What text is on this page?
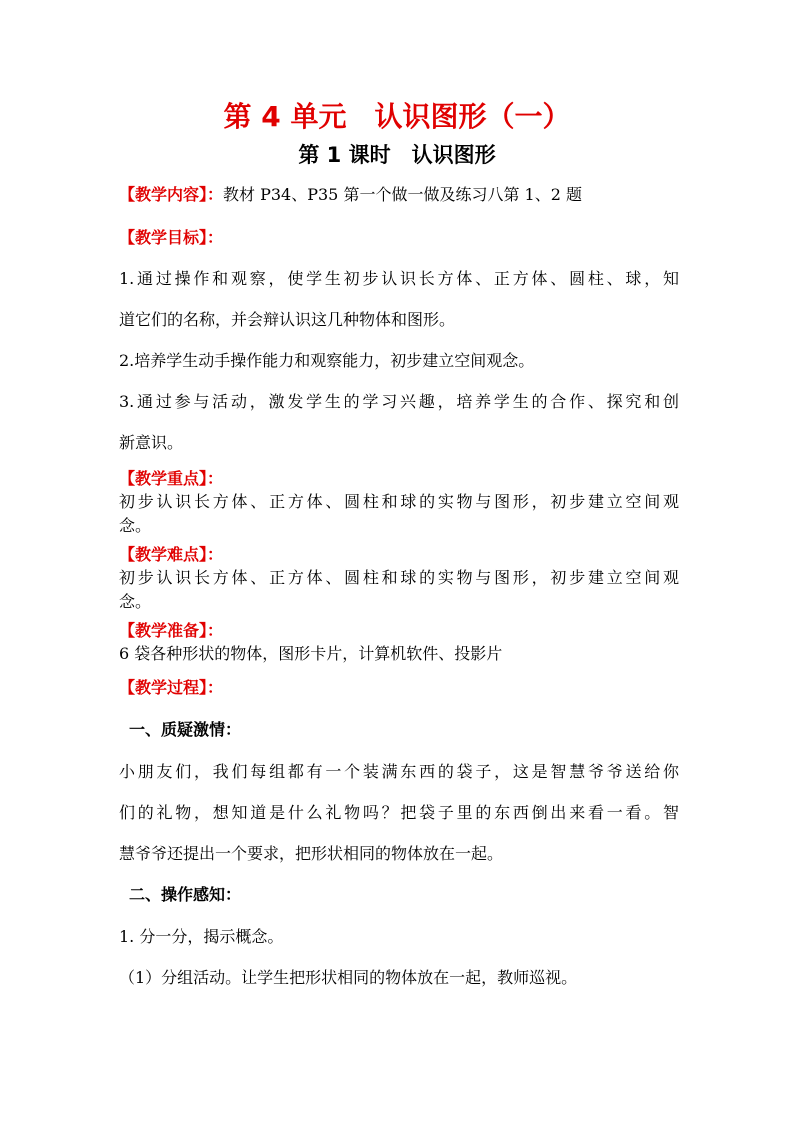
第 4 单元　认识图形（一）
第 1 课时　认识图形
【教学内容】：教材 P34、P35 第一个做一做及练习八第 1、2 题
【教学目标】：
1.通过操作和观察，使学生初步认识长方体、正方体、圆柱、球，知
道它们的名称，并会辩认识这几种物体和图形。
2.培养学生动手操作能力和观察能力，初步建立空间观念。
3.通过参与活动，激发学生的学习兴趣，培养学生的合作、探究和创
新意识。
【教学重点】：
初步认识长方体、正方体、圆柱和球的实物与图形，初步建立空间观
念。
【教学难点】：
初步认识长方体、正方体、圆柱和球的实物与图形，初步建立空间观
念。
【教学准备】：
6 袋各种形状的物体，图形卡片，计算机软件、投影片
【教学过程】：
一、质疑激情：
小朋友们，我们每组都有一个装满东西的袋子，这是智慧爷爷送给你
们的礼物，想知道是什么礼物吗？把袋子里的东西倒出来看一看。智
慧爷爷还提出一个要求，把形状相同的物体放在一起。
二、操作感知：
1. 分一分，揭示概念。
（1）分组活动。让学生把形状相同的物体放在一起，教师巡视。
